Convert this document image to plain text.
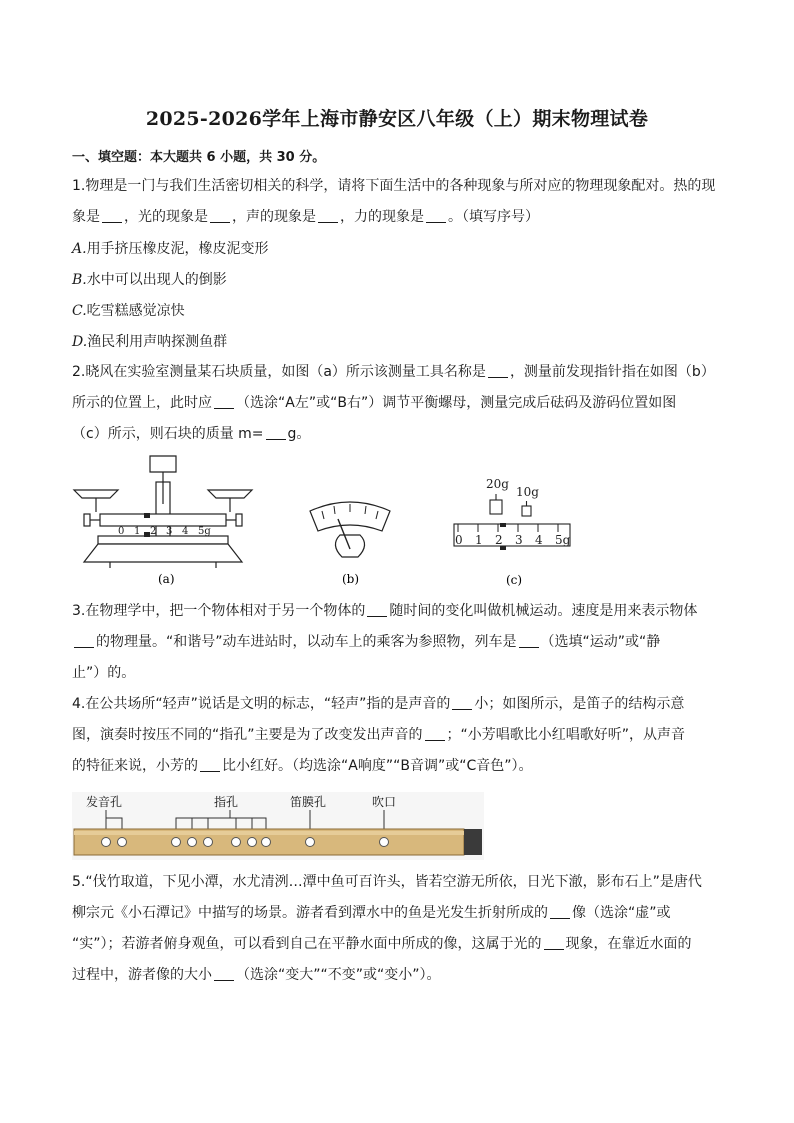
2025-2026学年上海市静安区八年级（上）期末物理试卷
一、填空题：本大题共 6 小题，共 30 分。
1.物理是一门与我们生活密切相关的科学，请将下面生活中的各种现象与所对应的物理现象配对。热的现
象是 ，光的现象是 ，声的现象是 ，力的现象是 。（填写序号）
A.用手挤压橡皮泥，橡皮泥变形
B.水中可以出现人的倒影
C.吃雪糕感觉凉快
D.渔民利用声呐探测鱼群
2.晓风在实验室测量某石块质量，如图（a）所示该测量工具名称是 ，测量前发现指针指在如图（b）
所示的位置上，此时应 （选涂“A左”或“B右”）调节平衡螺母，测量完成后砝码及游码位置如图
（c）所示，则石块的质量 m= g。
0 1 2 3 4 5g
(a)	(b)
20g
10g
0 1 2 3 4 5g
(c)
3.在物理学中，把一个物体相对于另一个物体的 随时间的变化叫做机械运动。速度是用来表示物体
的物理量。“和谐号”动车进站时，以动车上的乘客为参照物，列车是 （选填“运动”或“静
止”）的。
4.在公共场所“轻声”说话是文明的标志，“轻声”指的是声音的 小；如图所示，是笛子的结构示意
图，演奏时按压不同的“指孔”主要是为了改变发出声音的 ；“小芳唱歌比小红唱歌好听”，从声音
的特征来说，小芳的 比小红好。（均选涂“A响度”“B音调”或“C音色”）。
发音孔	指孔	笛膜孔	吹口
5.“伐竹取道，下见小潭，水尤清洌…潭中鱼可百许头，皆若空游无所依，日光下澈，影布石上”是唐代
柳宗元《小石潭记》中描写的场景。游者看到潭水中的鱼是光发生折射所成的 像（选涂“虚”或
“实”）；若游者俯身观鱼，可以看到自己在平静水面中所成的像，这属于光的 现象，在靠近水面的
过程中，游者像的大小 （选涂“变大”“不变”或“变小”）。
